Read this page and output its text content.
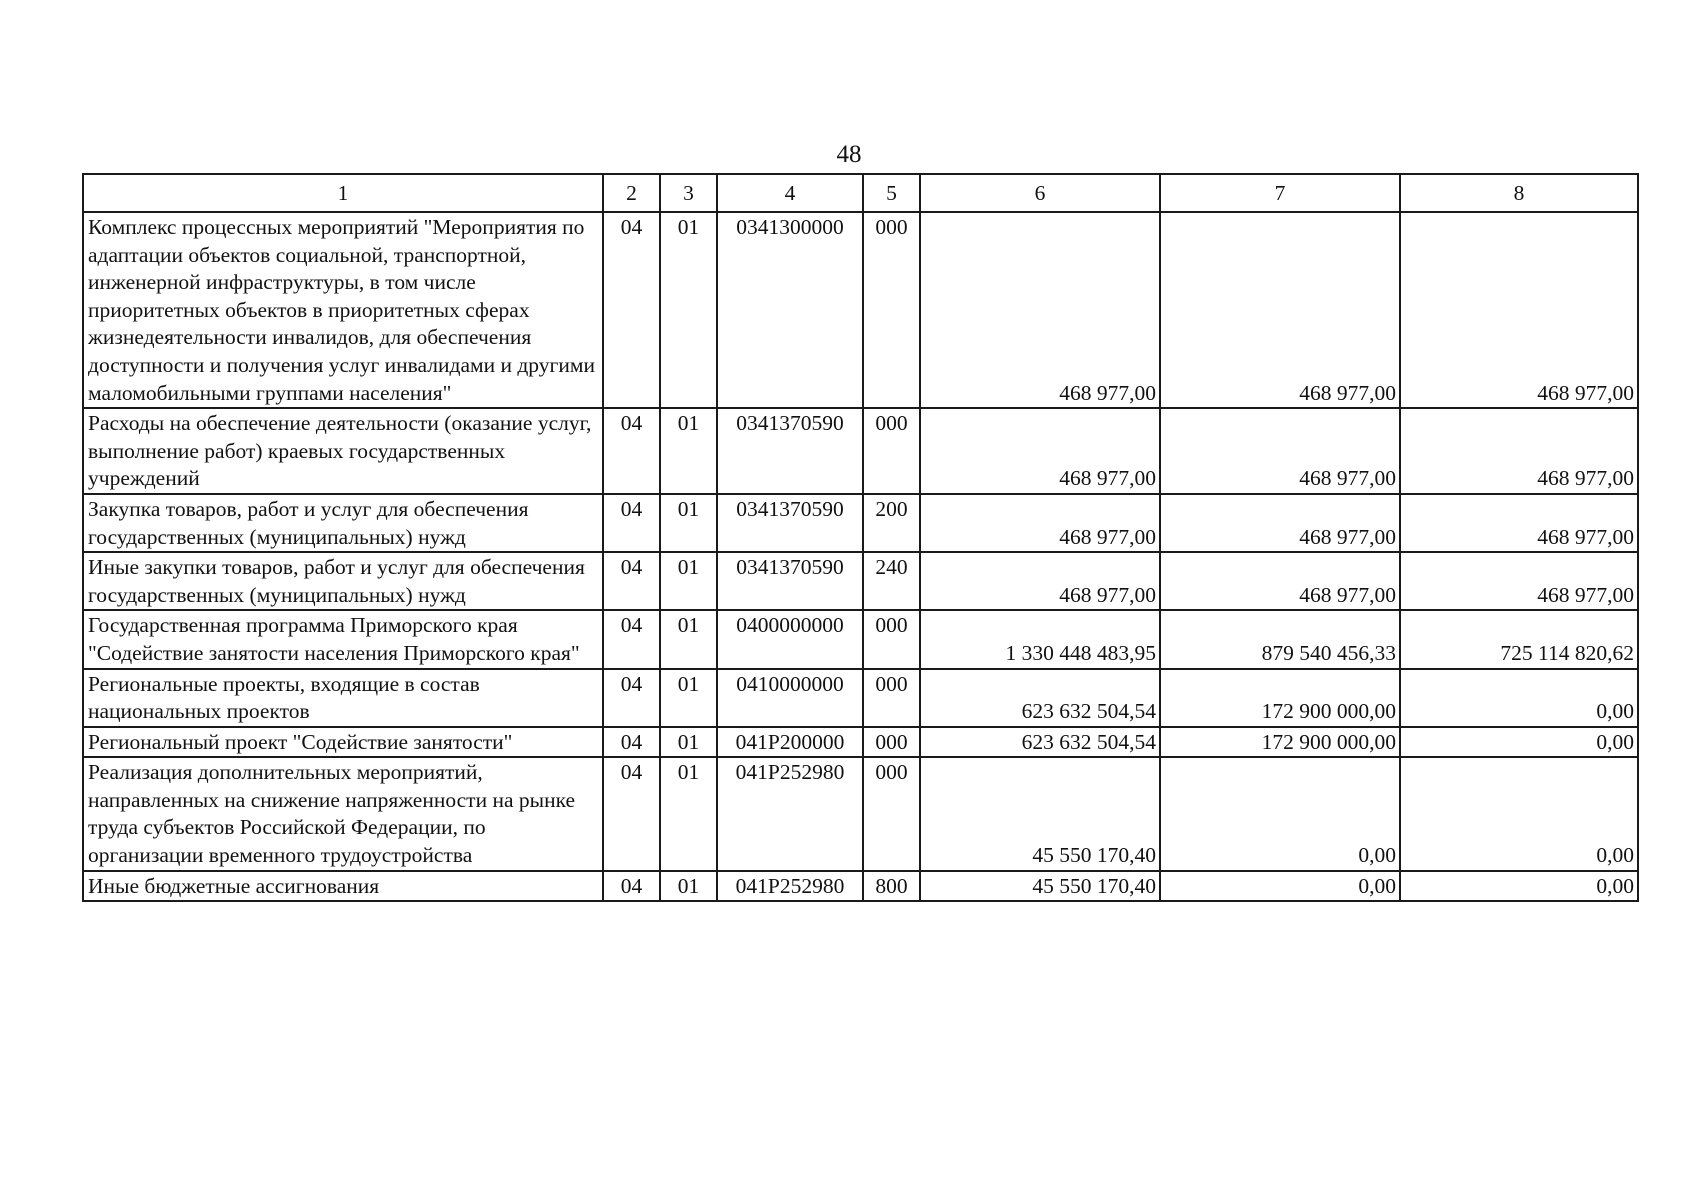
48
1	2	3	4	5	6	7	8
Комплекс процессных мероприятий "Мероприятия по адаптации объектов социальной, транспортной, инженерной инфраструктуры, в том числе приоритетных объектов в приоритетных сферах жизнедеятельности инвалидов, для обеспечения доступности и получения услуг инвалидами и другими маломобильными группами населения"	04	01	0341300000	000	468 977,00	468 977,00	468 977,00
Расходы на обеспечение деятельности (оказание услуг, выполнение работ) краевых государственных учреждений	04	01	0341370590	000	468 977,00	468 977,00	468 977,00
Закупка товаров, работ и услуг для обеспечения государственных (муниципальных) нужд	04	01	0341370590	200	468 977,00	468 977,00	468 977,00
Иные закупки товаров, работ и услуг для обеспечения государственных (муниципальных) нужд	04	01	0341370590	240	468 977,00	468 977,00	468 977,00
Государственная программа Приморского края "Содействие занятости населения Приморского края"	04	01	0400000000	000	1 330 448 483,95	879 540 456,33	725 114 820,62
Региональные проекты, входящие в состав национальных проектов	04	01	0410000000	000	623 632 504,54	172 900 000,00	0,00
Региональный проект "Содействие занятости"	04	01	041P200000	000	623 632 504,54	172 900 000,00	0,00
Реализация дополнительных мероприятий, направленных на снижение напряженности на рынке труда субъектов Российской Федерации, по организации временного трудоустройства	04	01	041P252980	000	45 550 170,40	0,00	0,00
Иные бюджетные ассигнования	04	01	041P252980	800	45 550 170,40	0,00	0,00
